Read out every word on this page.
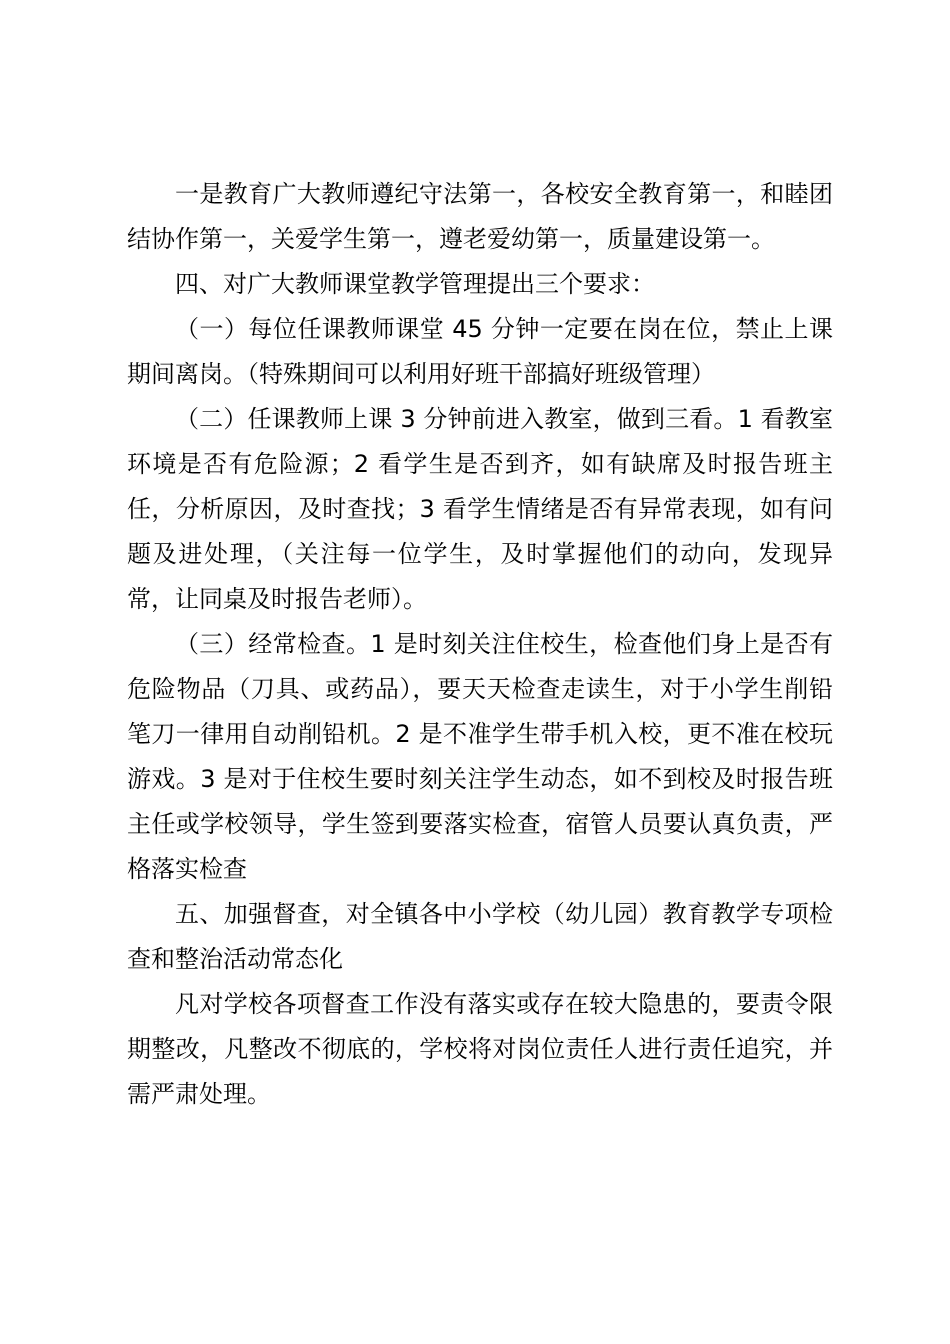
一是教育广大教师遵纪守法第一，各校安全教育第一，和睦团结协作第一，关爱学生第一，遵老爱幼第一，质量建设第一。

四、对广大教师课堂教学管理提出三个要求：

（一）每位任课教师课堂 45 分钟一定要在岗在位，禁止上课期间离岗。（特殊期间可以利用好班干部搞好班级管理）

（二）任课教师上课 3 分钟前进入教室，做到三看。1 看教室环境是否有危险源；2 看学生是否到齐，如有缺席及时报告班主任，分析原因，及时查找；3 看学生情绪是否有异常表现，如有问题及进处理，（关注每一位学生，及时掌握他们的动向，发现异常，让同桌及时报告老师）。

（三）经常检查。1 是时刻关注住校生，检查他们身上是否有危险物品（刀具、或药品），要天天检查走读生，对于小学生削铅笔刀一律用自动削铅机。2 是不准学生带手机入校，更不准在校玩游戏。3 是对于住校生要时刻关注学生动态，如不到校及时报告班主任或学校领导，学生签到要落实检查，宿管人员要认真负责，严格落实检查

五、加强督查，对全镇各中小学校（幼儿园）教育教学专项检查和整治活动常态化

凡对学校各项督查工作没有落实或存在较大隐患的，要责令限期整改，凡整改不彻底的，学校将对岗位责任人进行责任追究，并需严肃处理。
